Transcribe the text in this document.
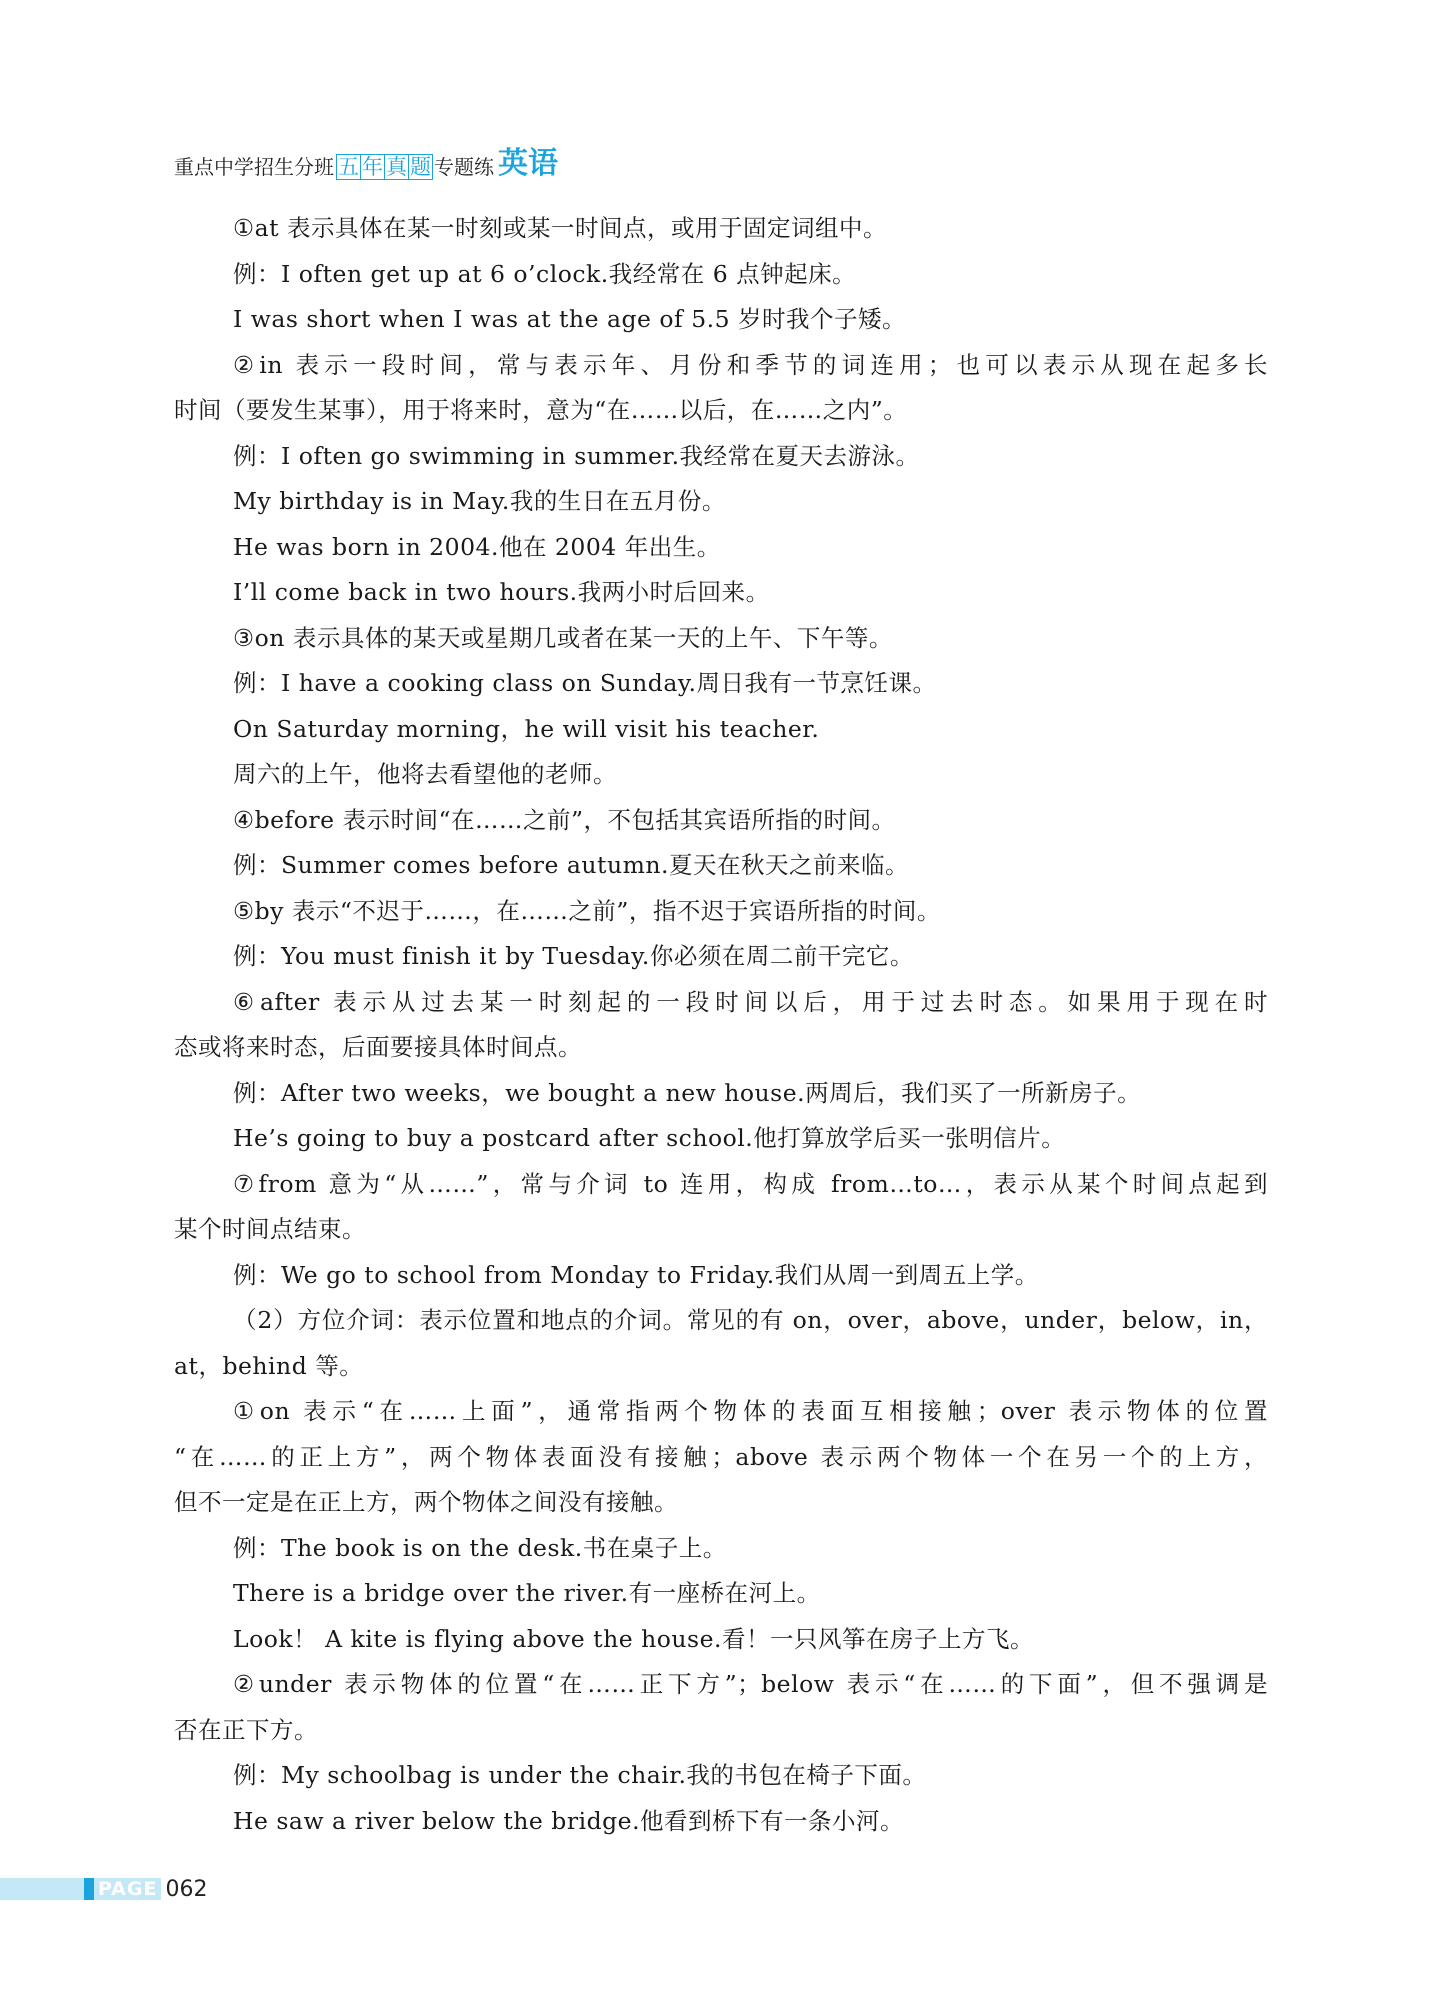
重点中学招生分班 五 年 真 题 专题练 英语
①at 表示具体在某一时刻或某一时间点，或用于固定词组中。
例：I often get up at 6 o’clock.我经常在 6 点钟起床。
I was short when I was at the age of 5.5 岁时我个子矮。
②in 表示一段时间，常与表示年、月份和季节的词连用；也可以表示从现在起多长
时间（要发生某事），用于将来时，意为“在……以后，在……之内”。
例：I often go swimming in summer.我经常在夏天去游泳。
My birthday is in May.我的生日在五月份。
He was born in 2004.他在 2004 年出生。
I’ll come back in two hours.我两小时后回来。
③on 表示具体的某天或星期几或者在某一天的上午、下午等。
例：I have a cooking class on Sunday.周日我有一节烹饪课。
On Saturday morning，he will visit his teacher.
周六的上午，他将去看望他的老师。
④before 表示时间“在……之前”，不包括其宾语所指的时间。
例：Summer comes before autumn.夏天在秋天之前来临。
⑤by 表示“不迟于……，在……之前”，指不迟于宾语所指的时间。
例：You must finish it by Tuesday.你必须在周二前干完它。
⑥after 表示从过去某一时刻起的一段时间以后，用于过去时态。如果用于现在时
态或将来时态，后面要接具体时间点。
例：After two weeks，we bought a new house.两周后，我们买了一所新房子。
He’s going to buy a postcard after school.他打算放学后买一张明信片。
⑦from 意为“从……”，常与介词 to 连用，构成 from…to…，表示从某个时间点起到
某个时间点结束。
例：We go to school from Monday to Friday.我们从周一到周五上学。
（2）方位介词：表示位置和地点的介词。常见的有 on，over，above，under，below，in，
at，behind 等。
①on 表示“在……上面”，通常指两个物体的表面互相接触；over 表示物体的位置
“在……的正上方”，两个物体表面没有接触；above 表示两个物体一个在另一个的上方，
但不一定是在正上方，两个物体之间没有接触。
例：The book is on the desk.书在桌子上。
There is a bridge over the river.有一座桥在河上。
Look！ A kite is flying above the house.看！一只风筝在房子上方飞。
②under 表示物体的位置“在……正下方”；below 表示“在……的下面”，但不强调是
否在正下方。
例：My schoolbag is under the chair.我的书包在椅子下面。
He saw a river below the bridge.他看到桥下有一条小河。
PAGE 062
